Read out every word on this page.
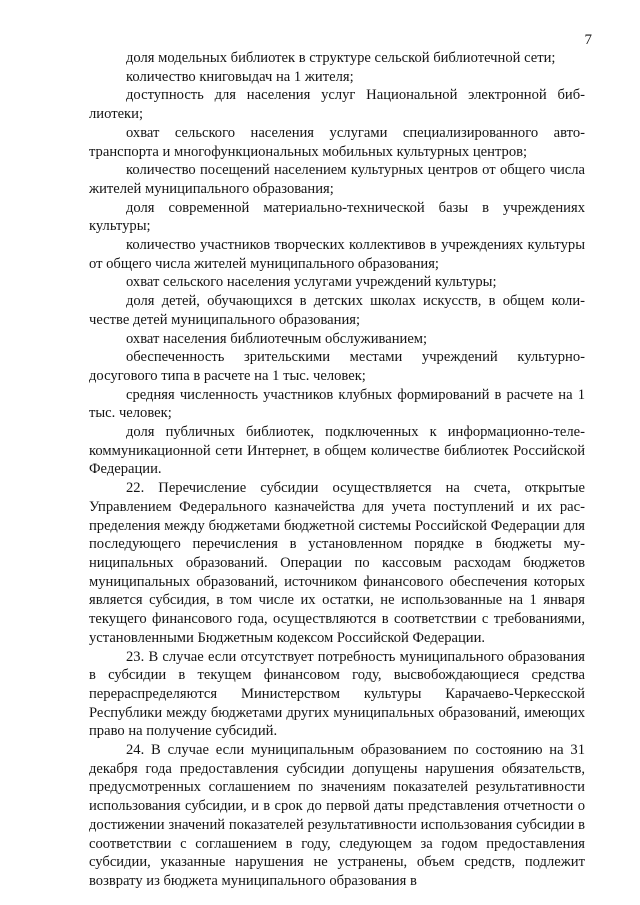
7

доля модельных библиотек в структуре сельской библиотечной сети;

количество книговыдач на 1 жителя;

доступность для населения услуг Национальной электронной библиотеки;

охват сельского населения услугами специализированного автотранспорта и многофункциональных мобильных культурных центров;

количество посещений населением культурных центров от общего числа жителей муниципального образования;

доля современной материально-технической базы в учреждениях культуры;

количество участников творческих коллективов в учреждениях культуры от общего числа жителей муниципального образования;

охват сельского населения услугами учреждений культуры;

доля детей, обучающихся в детских школах искусств, в общем количестве детей муниципального образования;

охват населения библиотечным обслуживанием;

обеспеченность зрительскими местами учреждений культурно-досугового типа в расчете на 1 тыс. человек;

средняя численность участников клубных формирований в расчете на 1 тыс. человек;

доля публичных библиотек, подключенных к информационно-телекоммуникационной сети Интернет, в общем количестве библиотек Российской Федерации.

22. Перечисление субсидии осуществляется на счета, открытые Управлением Федерального казначейства для учета поступлений и их распределения между бюджетами бюджетной системы Российской Федерации для последующего перечисления в установленном порядке в бюджеты муниципальных образований. Операции по кассовым расходам бюджетов муниципальных образований, источником финансового обеспечения которых является субсидия, в том числе их остатки, не использованные на 1 января текущего финансового года, осуществляются в соответствии с требованиями, установленными Бюджетным кодексом Российской Федерации.

23. В случае если отсутствует потребность муниципального образования в субсидии в текущем финансовом году, высвобождающиеся средства перераспределяются Министерством культуры Карачаево-Черкесской Республики между бюджетами других муниципальных образований, имеющих право на получение субсидий.

24. В случае если муниципальным образованием по состоянию на 31 декабря года предоставления субсидии допущены нарушения обязательств, предусмотренных соглашением по значениям показателей результативности использования субсидии, и в срок до первой даты представления отчетности о достижении значений показателей результативности использования субсидии в соответствии с соглашением в году, следующем за годом предоставления субсидии, указанные нарушения не устранены, объем средств, подлежит возврату из бюджета муниципального образования в
